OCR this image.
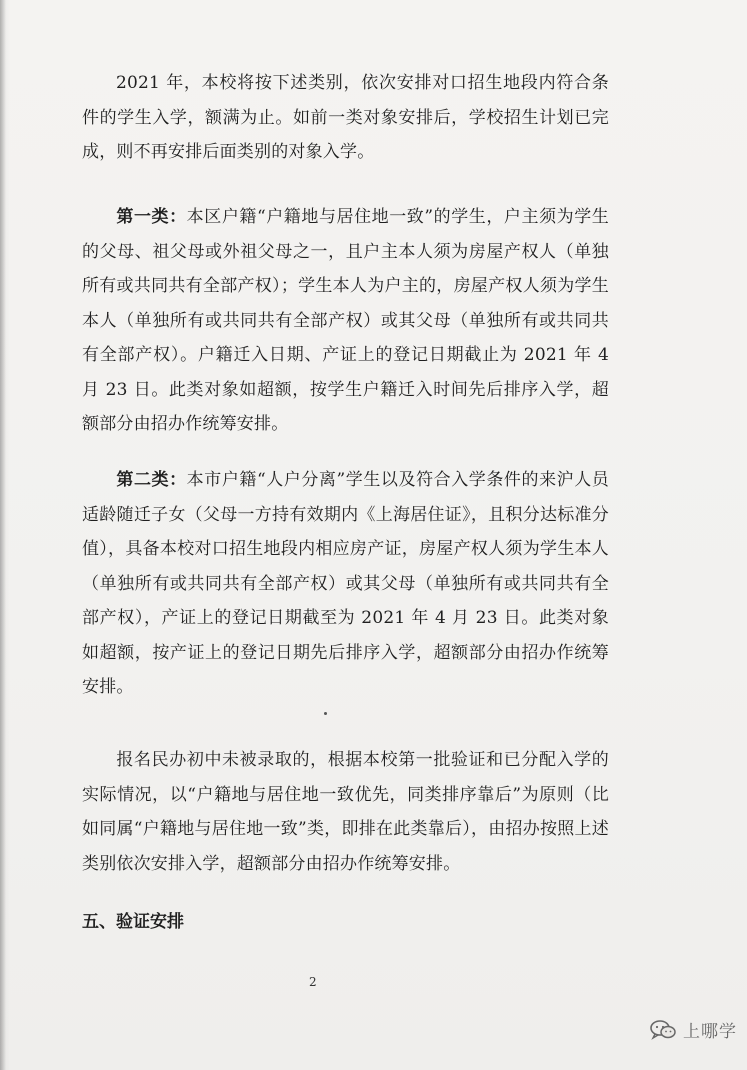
2021 年，本校将按下述类别，依次安排对口招生地段内符合条件的学生入学，额满为止。如前一类对象安排后，学校招生计划已完成，则不再安排后面类别的对象入学。

第一类：本区户籍“户籍地与居住地一致”的学生，户主须为学生的父母、祖父母或外祖父母之一，且户主本人须为房屋产权人（单独所有或共同共有全部产权）；学生本人为户主的，房屋产权人须为学生本人（单独所有或共同共有全部产权）或其父母（单独所有或共同共有全部产权）。户籍迁入日期、产证上的登记日期截止为 2021 年 4 月 23 日。此类对象如超额，按学生户籍迁入时间先后排序入学，超额部分由招办作统筹安排。

第二类：本市户籍“人户分离”学生以及符合入学条件的来沪人员适龄随迁子女（父母一方持有效期内《上海居住证》，且积分达标准分值），具备本校对口招生地段内相应房产证，房屋产权人须为学生本人（单独所有或共同共有全部产权）或其父母（单独所有或共同共有全部产权），产证上的登记日期截至为 2021 年 4 月 23 日。此类对象如超额，按产证上的登记日期先后排序入学，超额部分由招办作统筹安排。

报名民办初中未被录取的，根据本校第一批验证和已分配入学的实际情况，以“户籍地与居住地一致优先，同类排序靠后”为原则（比如同属“户籍地与居住地一致”类，即排在此类靠后），由招办按照上述类别依次安排入学，超额部分由招办作统筹安排。

五、验证安排

2

上哪学
